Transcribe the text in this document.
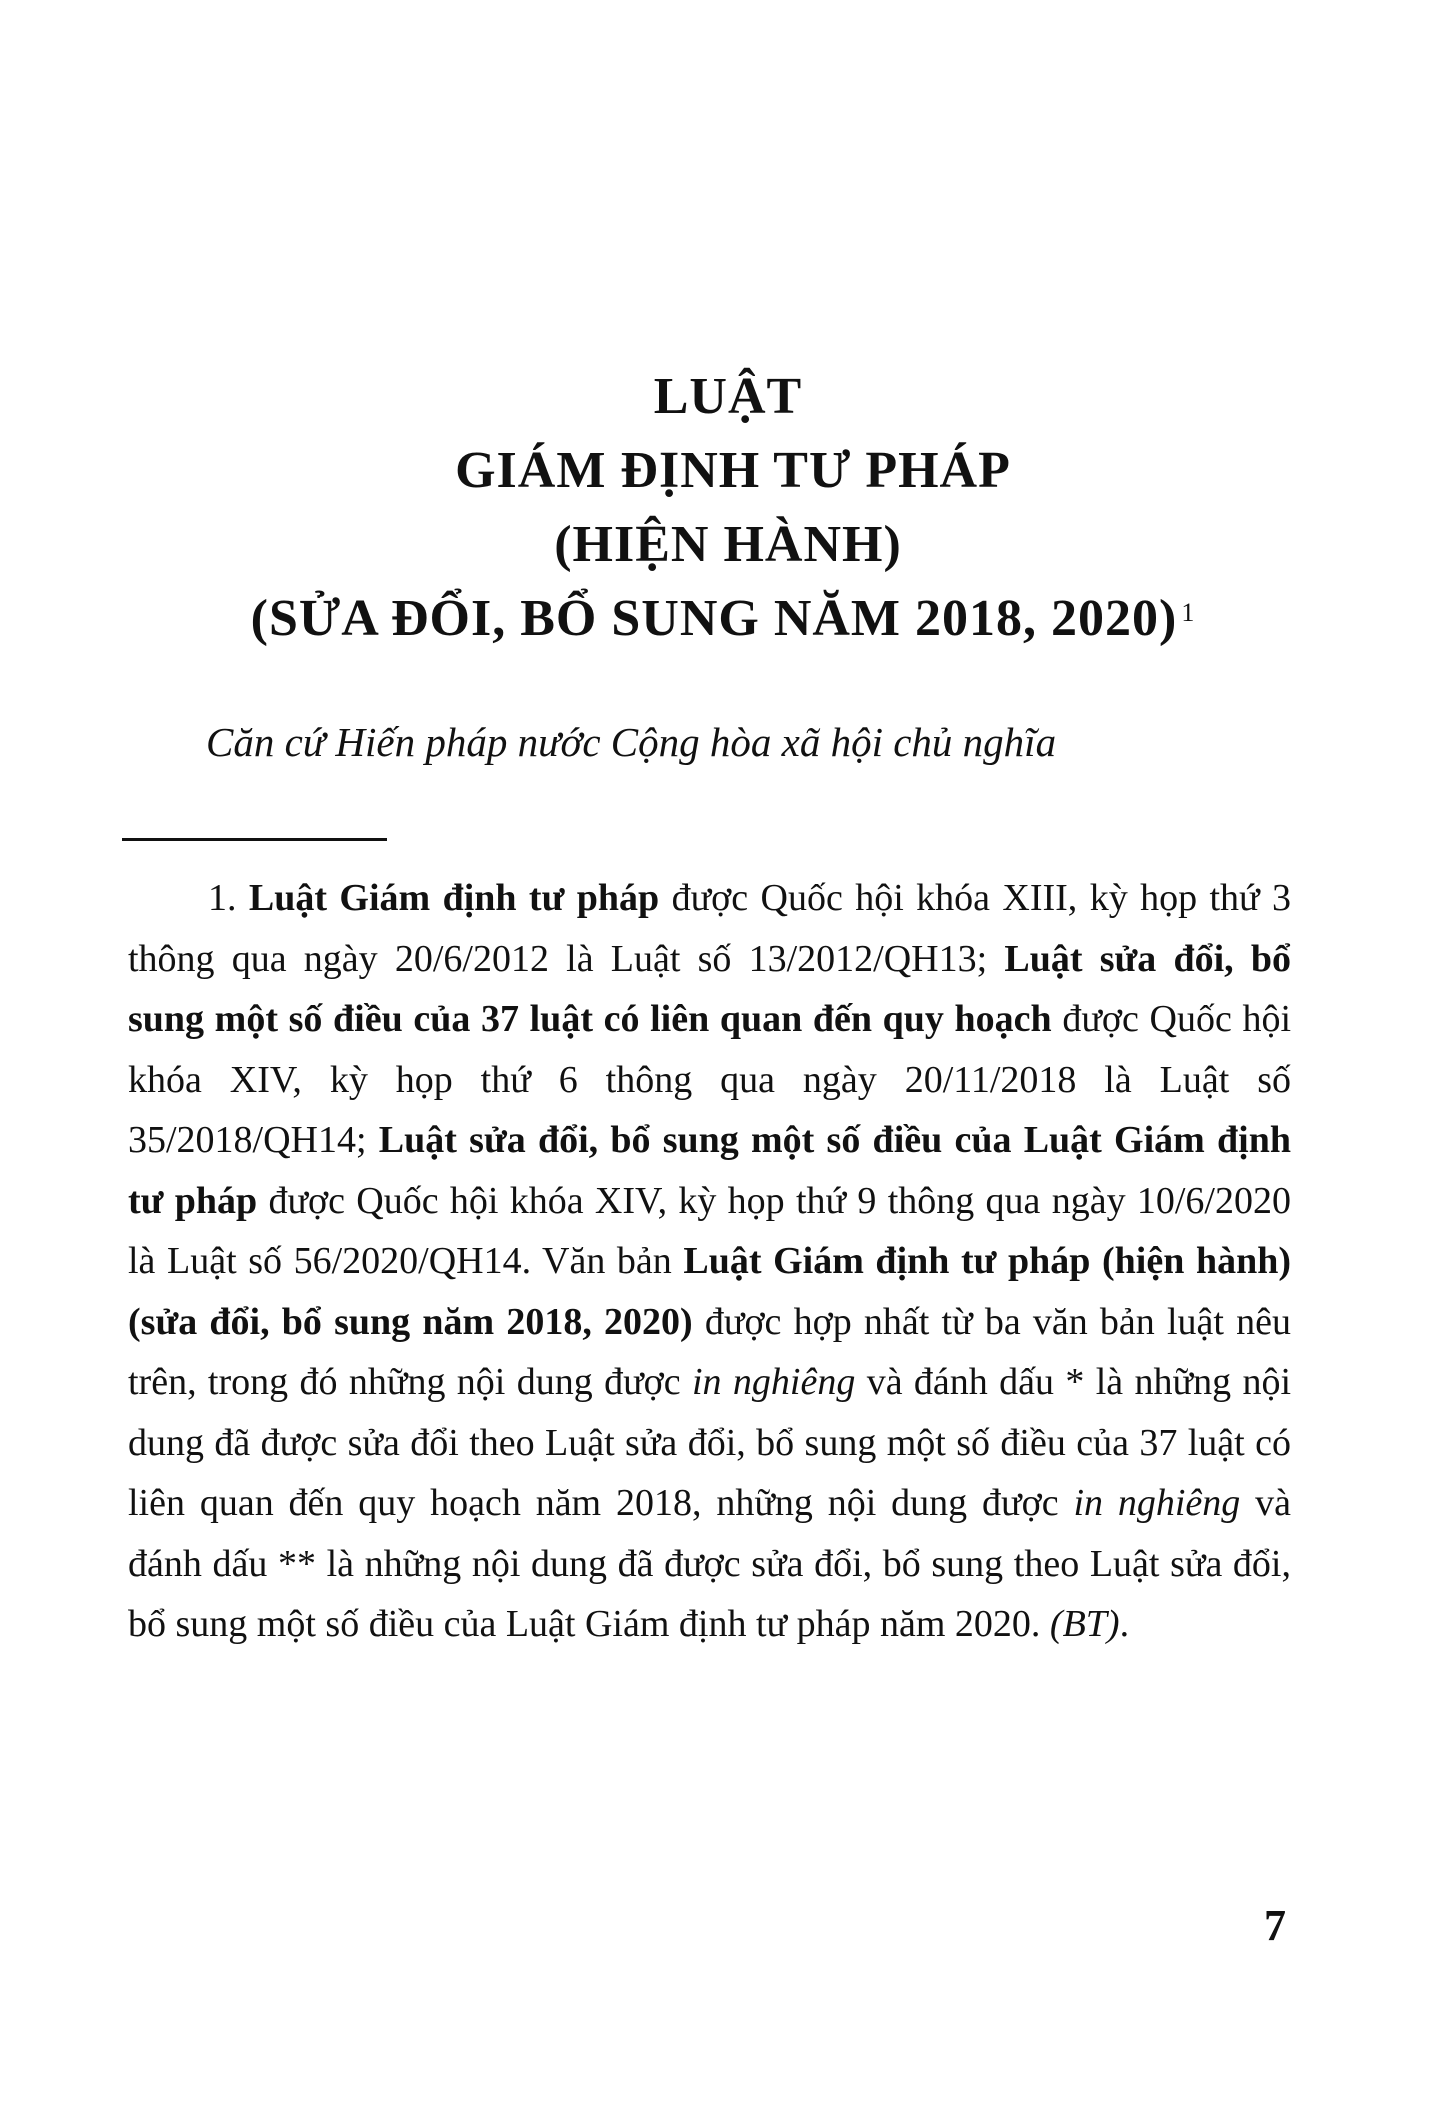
LUẬT
GIÁM ĐỊNH TƯ PHÁP
(HIỆN HÀNH)
(SỬA ĐỔI, BỔ SUNG NĂM 2018, 2020) $^1$
Căn cứ Hiến pháp nước Cộng hòa xã hội chủ nghĩa

1. Luật Giám định tư pháp được Quốc hội khóa XIII, kỳ họp thứ 3 thông qua ngày 20/6/2012 là Luật số 13/2012/QH13; Luật sửa đổi, bổ sung một số điều của 37 luật có liên quan đến quy hoạch được Quốc hội khóa XIV, kỳ họp thứ 6 thông qua ngày 20/11/2018 là Luật số 35/2018/QH14; Luật sửa đổi, bổ sung một số điều của Luật Giám định tư pháp được Quốc hội khóa XIV, kỳ họp thứ 9 thông qua ngày 10/6/2020 là Luật số 56/2020/QH14. Văn bản Luật Giám định tư pháp (hiện hành) (sửa đổi, bổ sung năm 2018, 2020) được hợp nhất từ ba văn bản luật nêu trên, trong đó những nội dung được in nghiêng và đánh dấu * là những nội dung đã được sửa đổi theo Luật sửa đổi, bổ sung một số điều của 37 luật có liên quan đến quy hoạch năm 2018, những nội dung được in nghiêng và đánh dấu ** là những nội dung đã được sửa đổi, bổ sung theo Luật sửa đổi, bổ sung một số điều của Luật Giám định tư pháp năm 2020. (BT).

7
